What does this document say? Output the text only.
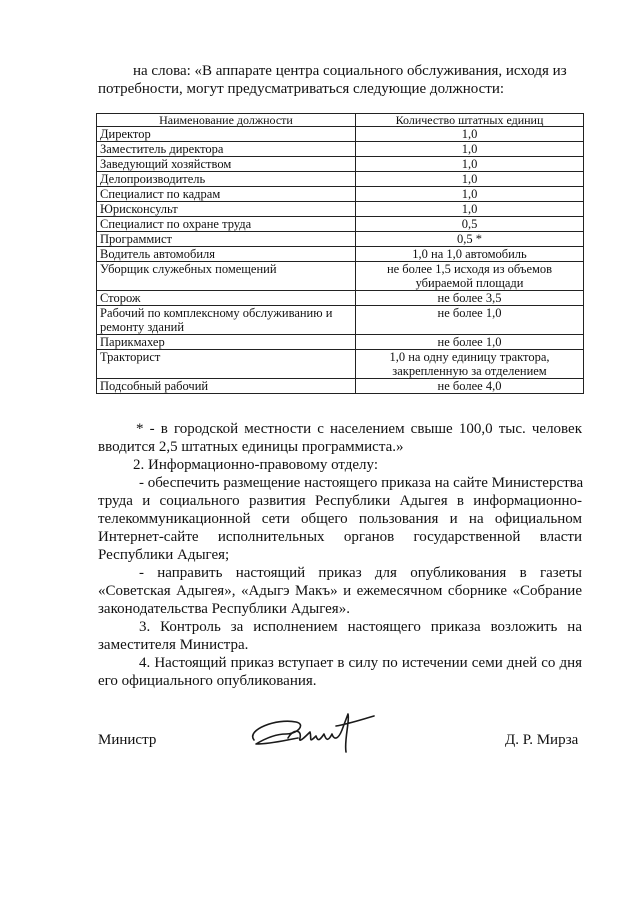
на слова: «В аппарате центра социального обслуживания, исходя из
потребности, могут предусматриваться следующие должности:
Наименование должности	Количество штатных единиц
Директор	1,0
Заместитель директора	1,0
Заведующий хозяйством	1,0
Делопроизводитель	1,0
Специалист по кадрам	1,0
Юрисконсульт	1,0
Специалист по охране труда	0,5
Программист	0,5 *
Водитель автомобиля	1,0 на 1,0 автомобиль
Уборщик служебных помещений	не более 1,5 исходя из объемов убираемой площади
Сторож	не более 3,5
Рабочий по комплексному обслуживанию и ремонту зданий	не более 1,0
Парикмахер	не более 1,0
Тракторист	1,0 на одну единицу трактора, закрепленную за отделением
Подсобный рабочий	не более 4,0
* - в городской местности с населением свыше 100,0 тыс. человек
вводится 2,5 штатных единицы программиста.»
2. Информационно-правовому отделу:
- обеспечить размещение настоящего приказа на сайте Министерства
труда и социального развития Республики Адыгея в информационно-
телекоммуникационной сети общего пользования и на официальном
Интернет-сайте исполнительных органов государственной власти
Республики Адыгея;
- направить настоящий приказ для опубликования в газеты
«Советская Адыгея», «Адыгэ Макъ» и ежемесячном сборнике «Собрание
законодательства Республики Адыгея».
3. Контроль за исполнением настоящего приказа возложить на
заместителя Министра.
4. Настоящий приказ вступает в силу по истечении семи дней со дня
его официального опубликования.
Министр	Д. Р. Мирза
